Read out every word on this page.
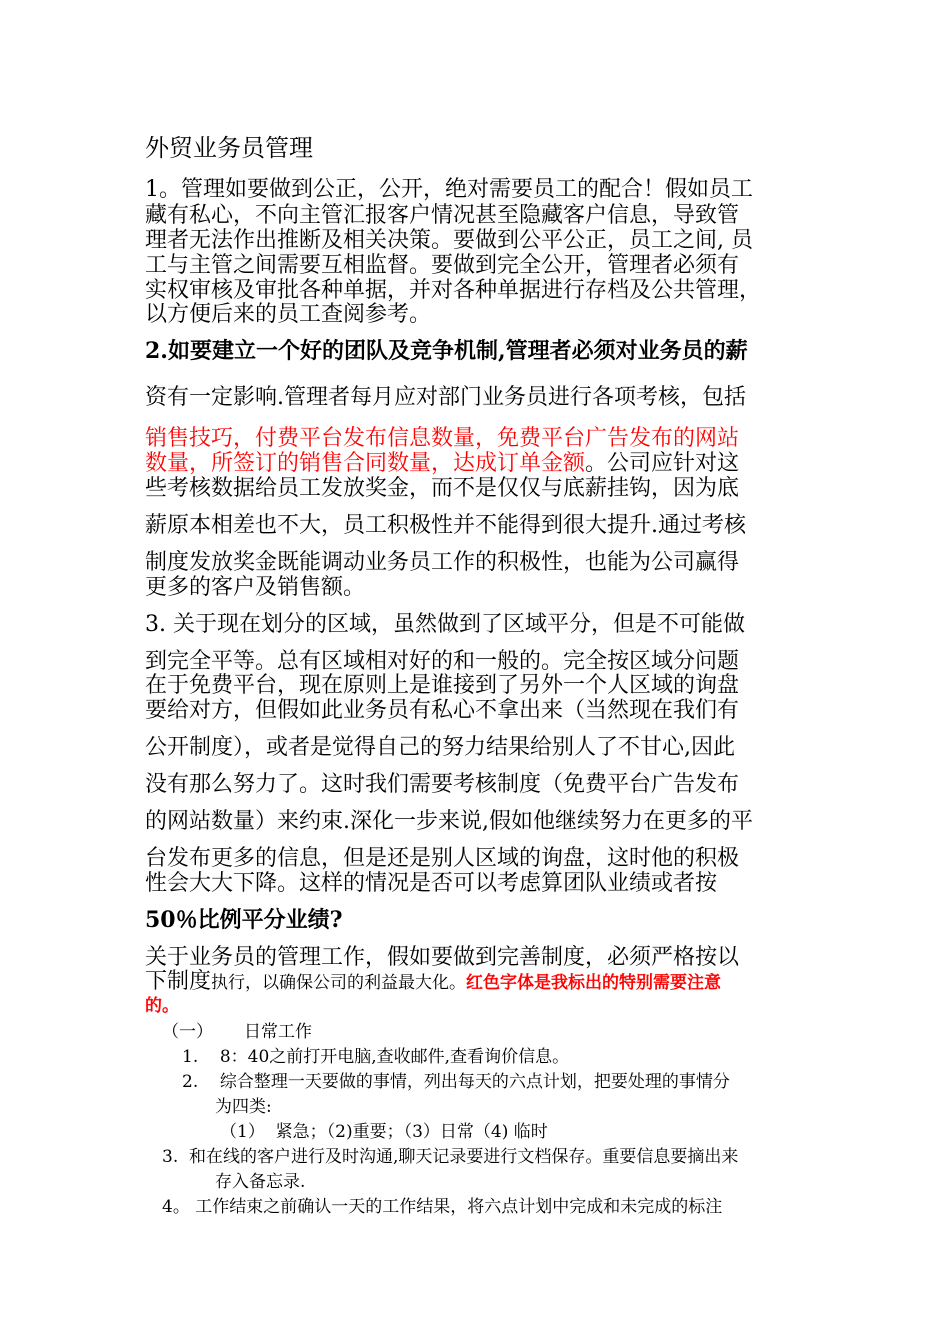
外贸业务员管理
1。管理如要做到公正，公开，绝对需要员工的配合！假如员工
藏有私心，不向主管汇报客户情况甚至隐藏客户信息，导致管
理者无法作出推断及相关决策。要做到公平公正，员工之间, 员
工与主管之间需要互相监督。要做到完全公开，管理者必须有
实权审核及审批各种单据，并对各种单据进行存档及公共管理，
以方便后来的员工查阅参考。
2.如要建立一个好的团队及竞争机制,管理者必须对业务员的薪
资有一定影响.管理者每月应对部门业务员进行各项考核，包括
销售技巧，付费平台发布信息数量，免费平台广告发布的网站
数量，所签订的销售合同数量，达成订单金额。公司应针对这
些考核数据给员工发放奖金，而不是仅仅与底薪挂钩，因为底
薪原本相差也不大，员工积极性并不能得到很大提升.通过考核
制度发放奖金既能调动业务员工作的积极性，也能为公司赢得
更多的客户及销售额。
3. 关于现在划分的区域，虽然做到了区域平分，但是不可能做
到完全平等。总有区域相对好的和一般的。完全按区域分问题
在于免费平台，现在原则上是谁接到了另外一个人区域的询盘
要给对方，但假如此业务员有私心不拿出来（当然现在我们有
公开制度），或者是觉得自己的努力结果给别人了不甘心,因此
没有那么努力了。这时我们需要考核制度（免费平台广告发布
的网站数量）来约束.深化一步来说,假如他继续努力在更多的平
台发布更多的信息，但是还是别人区域的询盘，这时他的积极
性会大大下降。这样的情况是否可以考虑算团队业绩或者按
50％比例平分业绩?
关于业务员的管理工作，假如要做到完善制度，必须严格按以
下制度执行，以确保公司的利益最大化。红色字体是我标出的特别需要注意
的。
（一） 日常工作
1.    8：40之前打开电脑,查收邮件,查看询价信息。
2.    综合整理一天要做的事情，列出每天的六点计划，把要处理的事情分
为四类:
（1）  紧急；（2)重要；（3）日常（4) 临时
3.  和在线的客户进行及时沟通,聊天记录要进行文档保存。重要信息要摘出来
存入备忘录.
4。 工作结束之前确认一天的工作结果，将六点计划中完成和未完成的标注
